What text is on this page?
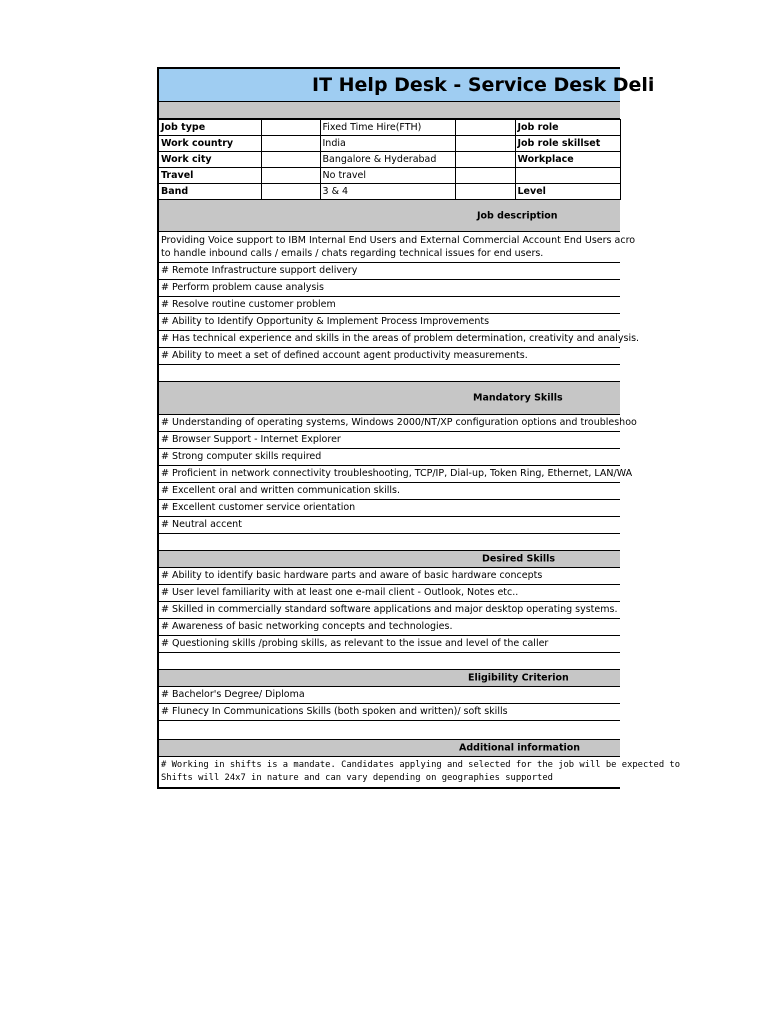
IT Help Desk - Service Desk Deli
Job type		Fixed Time Hire(FTH)		Job role
Work country		India		Job role skillset
Work city		Bangalore & Hyderabad		Workplace
Travel		No travel		
Band		3 & 4		Level
Job description
Providing Voice support to IBM Internal End Users and External Commercial Account End Users acro
to handle inbound calls / emails / chats regarding technical issues for end users.
# Remote Infrastructure support delivery
# Perform problem cause analysis
# Resolve routine customer problem
# Ability to Identify Opportunity & Implement Process Improvements
# Has technical experience and skills in the areas of problem determination, creativity and analysis.
# Ability to meet a set of defined account agent productivity measurements.
Mandatory Skills
# Understanding of operating systems, Windows 2000/NT/XP configuration options and troubleshoo
# Browser Support - Internet Explorer
# Strong computer skills required
# Proficient in network connectivity troubleshooting, TCP/IP, Dial-up, Token Ring, Ethernet, LAN/WA
# Excellent oral and written communication skills.
# Excellent customer service orientation
# Neutral accent
Desired Skills
# Ability to identify basic hardware parts and aware of basic hardware concepts
# User level familiarity with at least one e-mail client - Outlook, Notes etc..
# Skilled in commercially standard software applications and major desktop operating systems.
# Awareness of basic networking concepts and technologies.
# Questioning skills /probing skills, as relevant to the issue and level of the caller
Eligibility Criterion
# Bachelor's Degree/ Diploma
# Flunecy In Communications Skills (both spoken and written)/ soft skills
Additional information
# Working in shifts is a mandate. Candidates applying and selected for the job will be expected to
Shifts will 24x7 in nature and can vary depending on geographies supported
